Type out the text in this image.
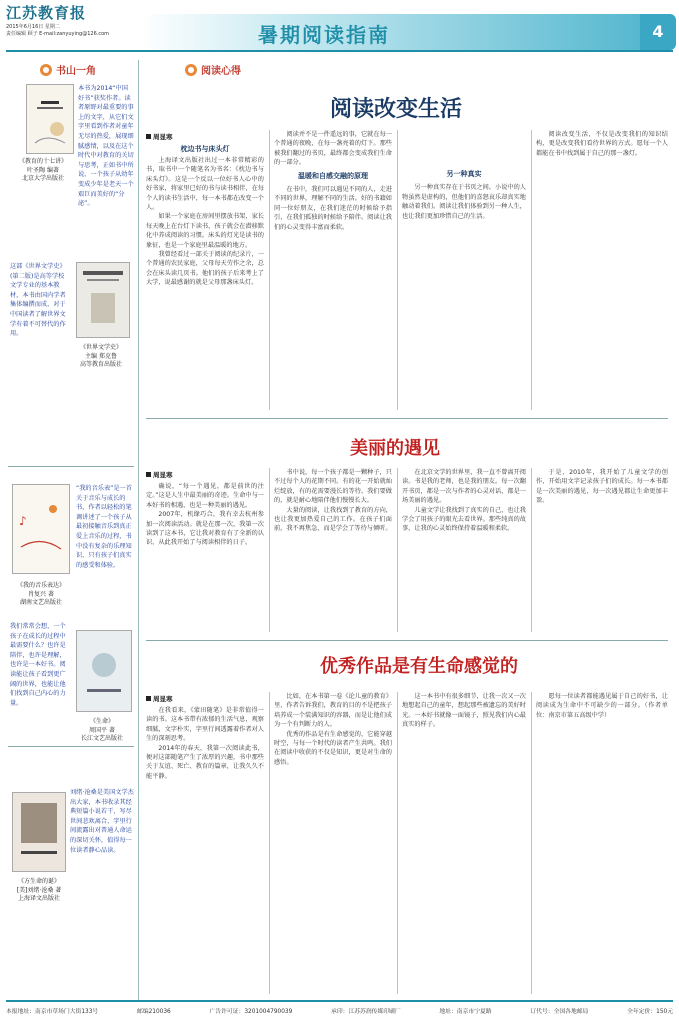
江苏教育报
2015年6月16日 星期二
责任编辑 顾子 E-mail:zanyuying@126.com	暑期阅读指南	4
书山一角	阅读心得
本书为2014“中国好书”获奖作者。读者原野对最重要的事上的文字，从它们文字里看到作者对童年无尽的热爱，展现细腻感情，以及在这个时代中对教育的关切与思考，正如书中所说，一个孩子从幼年变成少年是老天一个艰巨而美好的“分泌”。
《教育的十七讲》
叶圣陶 编著
北京大学出版社
这部《世界文学史》(第二版)是高等学校文学专业的基本教材，本书由国内学者集体编撰而成，对于中国读者了解世界文学有着不可替代的作用。
《世界文学史》
主编 郑克鲁
高等教育出版社
♪
“我的音乐表”是一首关于音乐与成长的书，作者以轻松的笔调讲述了一个孩子从最初接触音乐到真正爱上音乐的过程，书中没有复杂的乐理知识，只有孩子们真实的感受和体验。
《我的音乐表达》
肖复兴 著
湖南文艺出版社
我们常常会想，一个孩子在成长的过程中最需要什么？也许是陪伴，也许是理解，也许是一本好书。阅读能让孩子看到更广阔的世界，也能让他们找到自己内心的力量。
《生命》
周国平 著
长江文艺出版社
刘绪·沧桑是美国文学杰出大家，本书收录其经典短篇小说若干，写尽世间悲欢离合，字里行间流露出对普通人命运的深切关怀，值得每一位读者静心品读。
《方生命的诞》
[美]刘绪·沧桑 著
上海译文出版社
阅读改变生活
周显寒
枕边书与床头灯

上海译文出版社出过一本非常精彩的书，取书中一个随笔名为书名：《枕边书与床头灯》。这是一个反以一位好书人心中的好书家，将家里已好的书与读书相伴，在每个人的读书生活中，每一本书都在改变一个人。

如果一个家庭在房间里摆放书架，家长每天晚上在台灯下读书，孩子就会在潜移默化中养成阅读的习惯。床头的灯光是读书的象征，也是一个家庭里最温暖的地方。

我曾经看过一部关于阅读的纪录片，一个普通的农民家庭，父母每天劳作之余，总会在床头读几页书。他们的孩子后来考上了大学，说最感谢的就是父母那盏床头灯。

阅读并不是一件遥远的事，它就在每一个普通的夜晚，在每一盏亮着的灯下。那些被我们翻过的书页，最终都会变成我们生命的一部分。

温暖和自感交融的原理

在书中，我们可以遇见不同的人，走进不同的世界，理解不同的生活。好的书籍如同一位好朋友，在我们迷茫的时候给予指引，在我们孤独的时候给予陪伴。阅读让我们的心灵变得丰富而柔软。

另一种真实

另一种真实存在于书页之间。小说中的人物虽然是虚构的，但他们的喜怒哀乐却真实地触动着我们。阅读让我们体验到另一种人生，也让我们更加珍惜自己的生活。

阅读改变生活，不仅是改变我们的知识结构，更是改变我们看待世界的方式。愿每一个人都能在书中找到属于自己的那一盏灯。

美丽的遇见
周显寒

确说，“每一个遇见，都是前世的注定。”这是人生中最美丽的奇迹。生命中与一本好书的相遇，也是一种美丽的遇见。

2007年，机缘巧合，我有幸去杭州参加一次阅读活动。就是在那一次，我第一次读到了这本书，它让我对教育有了全新的认识，从此我开始了与阅读相伴的日子。

书中说，每一个孩子都是一颗种子，只不过每个人的花期不同。有的花一开始就灿烂绽放，有的花需要漫长的等待。我们要做的，就是耐心地陪伴他们慢慢长大。

大量的阅读，让我找到了教育的方向，也让我更加热爱自己的工作。在孩子们面前，我不再焦急，而是学会了等待与倾听。

在北京文学的世界里，我一直不曾离开阅读。书是我的老师，也是我的朋友。每一次翻开书页，都是一次与作者的心灵对话，都是一场美丽的遇见。

儿童文学让我找到了真实的自己，也让我学会了用孩子的眼光去看世界。那些纯真的故事，让我的心灵始终保持着温暖和柔软。

于是，2010年，我开始了儿童文学的创作，开始用文字记录孩子们的成长。每一本书都是一次美丽的遇见，每一次遇见都让生命更加丰盈。

优秀作品是有生命感觉的
周显寒

在我看来，《蒙田随笔》是非常值得一读的书。这本书带有浓郁的生活气息，观察细腻，文字朴实，字里行间透露着作者对人生的深刻思考。

2014年的春天，我第一次阅读此书，便对这部随笔产生了浓厚的兴趣，书中那些关于友谊、死亡、教育的篇章，让我久久不能平静。

比如，在本书第一卷《论儿童的教育》里，作者告诉我们，教育的目的不是把孩子培养成一个装满知识的容器，而是让他们成为一个有判断力的人。

优秀的作品是有生命感觉的，它能穿越时空，与每一个时代的读者产生共鸣。我们在阅读中收获的不仅是知识，更是对生命的感悟。

这一本书中有很多细节，让我一次又一次地想起自己的童年，想起那些被遗忘的美好时光。一本好书就像一面镜子，照见我们内心最真实的样子。

愿每一位读者都能遇见属于自己的好书，让阅读成为生命中不可缺少的一部分。（作者单位：南京市第五高级中学）

本报地址：南京市草场门大街133号	邮编210036	广告许可证：3201004790039	承印：江苏苏润传媒印刷厂	地址：南京市宁夏路	订代号：全国各地邮局	全年定价：150元
